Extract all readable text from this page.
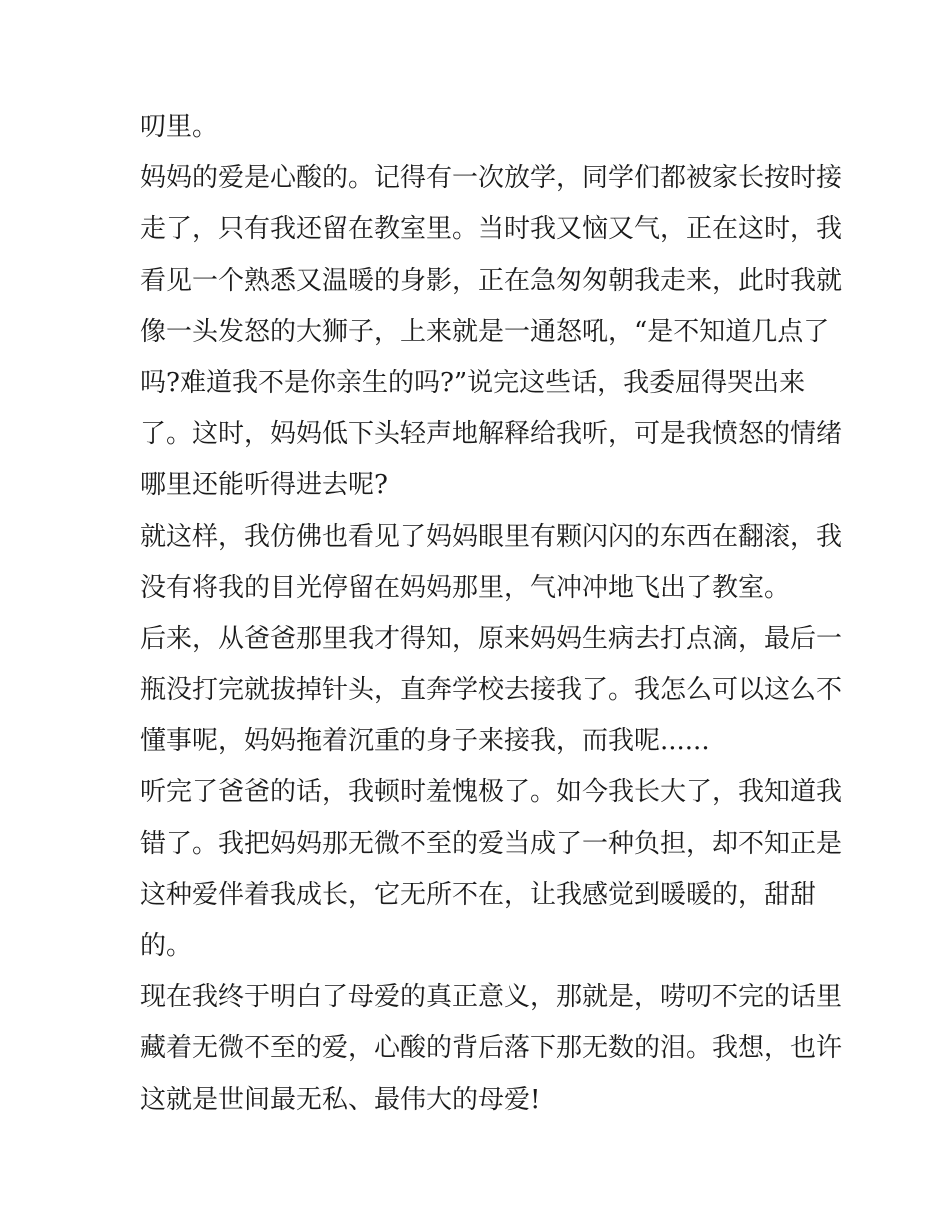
叨里。
妈妈的爱是心酸的。记得有一次放学，同学们都被家长按时接
走了，只有我还留在教室里。当时我又恼又气，正在这时，我
看见一个熟悉又温暖的身影，正在急匆匆朝我走来，此时我就
像一头发怒的大狮子，上来就是一通怒吼，“是不知道几点了
吗?难道我不是你亲生的吗?”说完这些话，我委屈得哭出来
了。这时，妈妈低下头轻声地解释给我听，可是我愤怒的情绪
哪里还能听得进去呢?
就这样，我仿佛也看见了妈妈眼里有颗闪闪的东西在翻滚，我
没有将我的目光停留在妈妈那里，气冲冲地飞出了教室。
后来，从爸爸那里我才得知，原来妈妈生病去打点滴，最后一
瓶没打完就拔掉针头，直奔学校去接我了。我怎么可以这么不
懂事呢，妈妈拖着沉重的身子来接我，而我呢......
听完了爸爸的话，我顿时羞愧极了。如今我长大了，我知道我
错了。我把妈妈那无微不至的爱当成了一种负担，却不知正是
这种爱伴着我成长，它无所不在，让我感觉到暖暖的，甜甜
的。
现在我终于明白了母爱的真正意义，那就是，唠叨不完的话里
藏着无微不至的爱，心酸的背后落下那无数的泪。我想，也许
这就是世间最无私、最伟大的母爱!
